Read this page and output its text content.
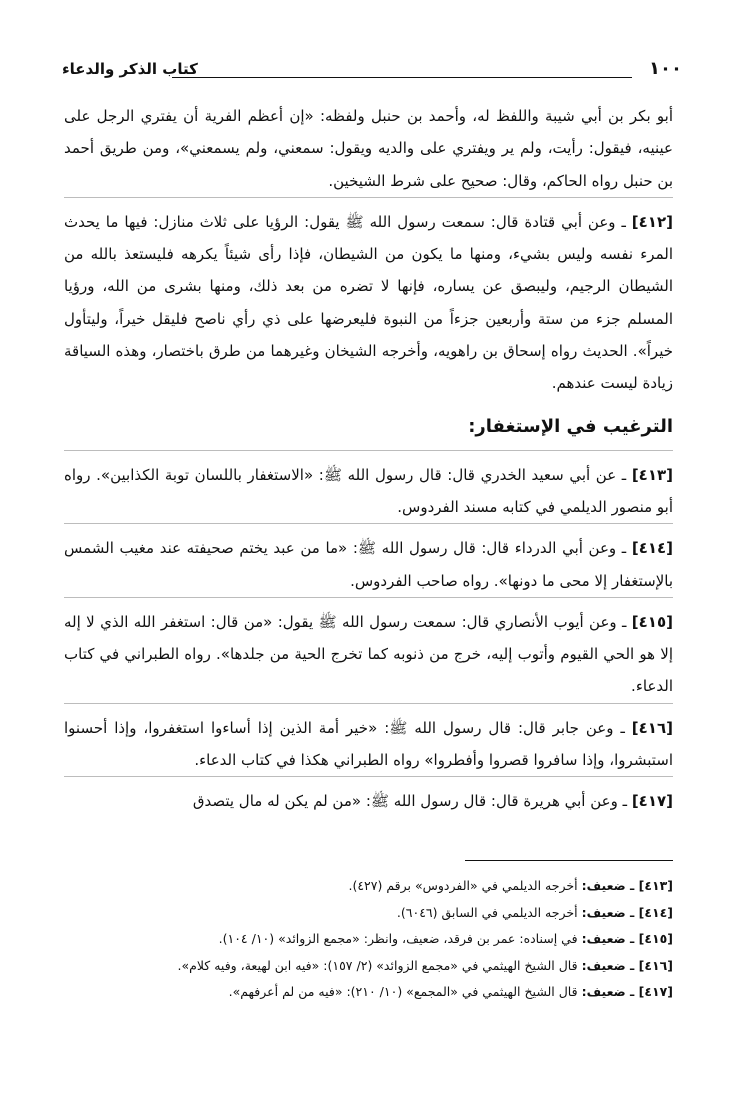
١٠٠
كتاب الذكر والدعاء

أبو بكر بن أبي شيبة واللفظ له، وأحمد بن حنبل ولفظه: «إن أعظم الفرية أن يفتري الرجل على عينيه، فيقول: رأيت، ولم ير ويفتري على والديه ويقول: سمعني، ولم يسمعني»، ومن طريق أحمد بن حنبل رواه الحاكم، وقال: صحيح على شرط الشيخين.

[٤١٢] ـ وعن أبي قتادة قال: سمعت رسول الله ﷺ يقول: الرؤيا على ثلاث منازل: فيها ما يحدث المرء نفسه وليس بشيء، ومنها ما يكون من الشيطان، فإذا رأى شيئاً يكرهه فليستعذ بالله من الشيطان الرجيم، وليبصق عن يساره، فإنها لا تضره من بعد ذلك، ومنها بشرى من الله، ورؤيا المسلم جزء من ستة وأربعين جزءاً من النبوة فليعرضها على ذي رأي ناصح فليقل خيراً، وليتأول خيراً». الحديث رواه إسحاق بن راهويه، وأخرجه الشيخان وغيرهما من طرق باختصار، وهذه السياقة زيادة ليست عندهم.

الترغيب في الإستغفار:

[٤١٣] ـ عن أبي سعيد الخدري قال: قال رسول الله ﷺ: «الاستغفار باللسان توبة الكذابين». رواه أبو منصور الديلمي في كتابه مسند الفردوس.

[٤١٤] ـ وعن أبي الدرداء قال: قال رسول الله ﷺ: «ما من عبد يختم صحيفته عند مغيب الشمس بالإستغفار إلا محى ما دونها». رواه صاحب الفردوس.

[٤١٥] ـ وعن أيوب الأنصاري قال: سمعت رسول الله ﷺ يقول: «من قال: استغفر الله الذي لا إله إلا هو الحي القيوم وأتوب إليه، خرج من ذنوبه كما تخرج الحية من جلدها». رواه الطبراني في كتاب الدعاء.

[٤١٦] ـ وعن جابر قال: قال رسول الله ﷺ: «خير أمة الذين إذا أساءوا استغفروا، وإذا أحسنوا استبشروا، وإذا سافروا قصروا وأفطروا» رواه الطبراني هكذا في كتاب الدعاء.

[٤١٧] ـ وعن أبي هريرة قال: قال رسول الله ﷺ: «من لم يكن له مال يتصدق

[٤١٣] ـ ضعيف: أخرجه الديلمي في «الفردوس» برقم (٤٢٧).

[٤١٤] ـ ضعيف: أخرجه الديلمي في السابق (٦٠٤٦).

[٤١٥] ـ ضعيف: في إسناده: عمر بن فرقد، ضعيف، وانظر: «مجمع الزوائد» (١٠/ ١٠٤).

[٤١٦] ـ ضعيف: قال الشيخ الهيثمي في «مجمع الزوائد» (٢/ ١٥٧): «فيه ابن لهيعة، وفيه كلام».

[٤١٧] ـ ضعيف: قال الشيخ الهيثمي في «المجمع» (١٠/ ٢١٠): «فيه من لم أعرفهم».
